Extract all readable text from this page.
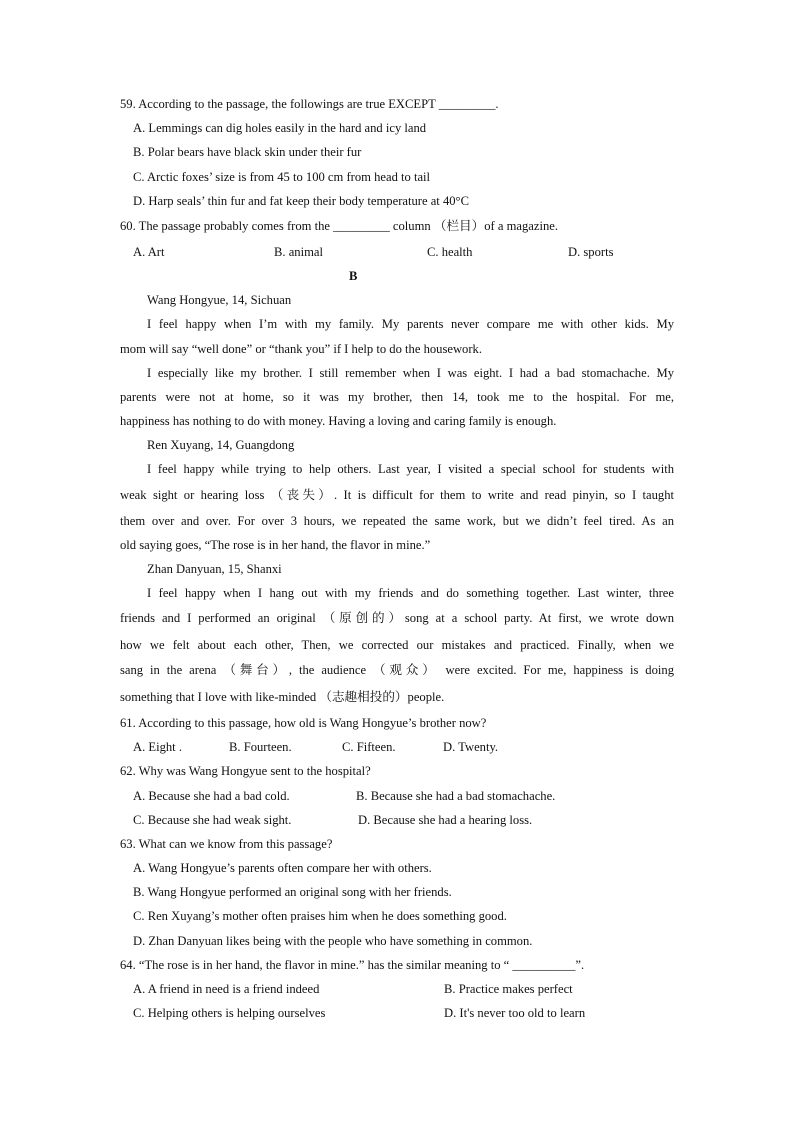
59. According to the passage, the followings are true EXCEPT _________.
A. Lemmings can dig holes easily in the hard and icy land
B. Polar bears have black skin under their fur
C. Arctic foxes’ size is from 45 to 100 cm from head to tail
D. Harp seals’ thin fur and fat keep their body temperature at 40°C
60. The passage probably comes from the _________ column （栏目）of a magazine.
A. Art	B. animal	C. health	D. sports
B
Wang Hongyue, 14, Sichuan
I feel happy when I’m with my family. My parents never compare me with other kids. My
mom will say “well done” or “thank you” if I help to do the housework.
I especially like my brother. I still remember when I was eight. I had a bad stomachache. My
parents were not at home, so it was my brother, then 14, took me to the hospital. For me,
happiness has nothing to do with money. Having a loving and caring family is enough.
Ren Xuyang, 14, Guangdong
I feel happy while trying to help others. Last year, I visited a special school for students with
weak sight or hearing loss （丧失）. It is difficult for them to write and read pinyin, so I taught
them over and over. For over 3 hours, we repeated the same work, but we didn’t feel tired. As an
old saying goes, “The rose is in her hand, the flavor in mine.”
Zhan Danyuan, 15, Shanxi
I feel happy when I hang out with my friends and do something together. Last winter, three
friends and I performed an original （原创的）song at a school party. At first, we wrote down
how we felt about each other, Then, we corrected our mistakes and practiced. Finally, when we
sang in the arena （舞台）, the audience （观众） were excited. For me, happiness is doing
something that I love with like-minded （志趣相投的）people.
61. According to this passage, how old is Wang Hongyue’s brother now?
A. Eight .	B. Fourteen.	C. Fifteen.	D. Twenty.
62. Why was Wang Hongyue sent to the hospital?
A. Because she had a bad cold.	B. Because she had a bad stomachache.
C. Because she had weak sight.	D. Because she had a hearing loss.
63. What can we know from this passage?
A. Wang Hongyue’s parents often compare her with others.
B. Wang Hongyue performed an original song with her friends.
C. Ren Xuyang’s mother often praises him when he does something good.
D. Zhan Danyuan likes being with the people who have something in common.
64. “The rose is in her hand, the flavor in mine.” has the similar meaning to “ __________”.
A. A friend in need is a friend indeed	B. Practice makes perfect
C. Helping others is helping ourselves	D. It's never too old to learn
